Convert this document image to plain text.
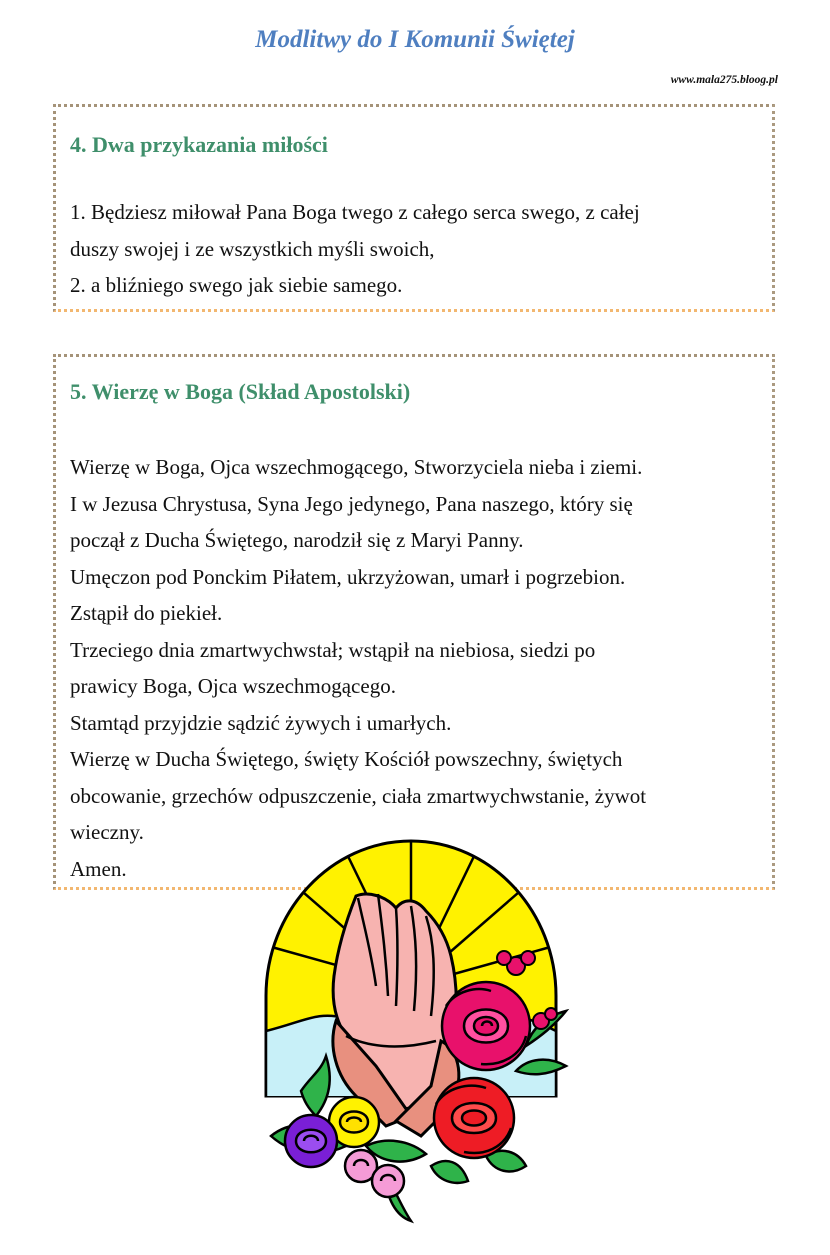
Modlitwy do I Komunii Świętej
www.mala275.bloog.pl
4. Dwa przykazania miłości
1. Będziesz miłował Pana Boga twego z całego serca swego, z całej
duszy swojej i ze wszystkich myśli swoich,
2. a bliźniego swego jak siebie samego.
5. Wierzę w Boga (Skład Apostolski)
Wierzę w Boga, Ojca wszechmogącego, Stworzyciela nieba i ziemi.
I w Jezusa Chrystusa, Syna Jego jedynego, Pana naszego, który się
począł z Ducha Świętego, narodził się z Maryi Panny.
Umęczon pod Ponckim Piłatem, ukrzyżowan, umarł i pogrzebion.
Zstąpił do piekieł.
Trzeciego dnia zmartwychwstał; wstąpił na niebiosa, siedzi po
prawicy Boga, Ojca wszechmogącego.
Stamtąd przyjdzie sądzić żywych i umarłych.
Wierzę w Ducha Świętego, święty Kościół powszechny, świętych
obcowanie, grzechów odpuszczenie, ciała zmartwychwstanie, żywot
wieczny.
Amen.
